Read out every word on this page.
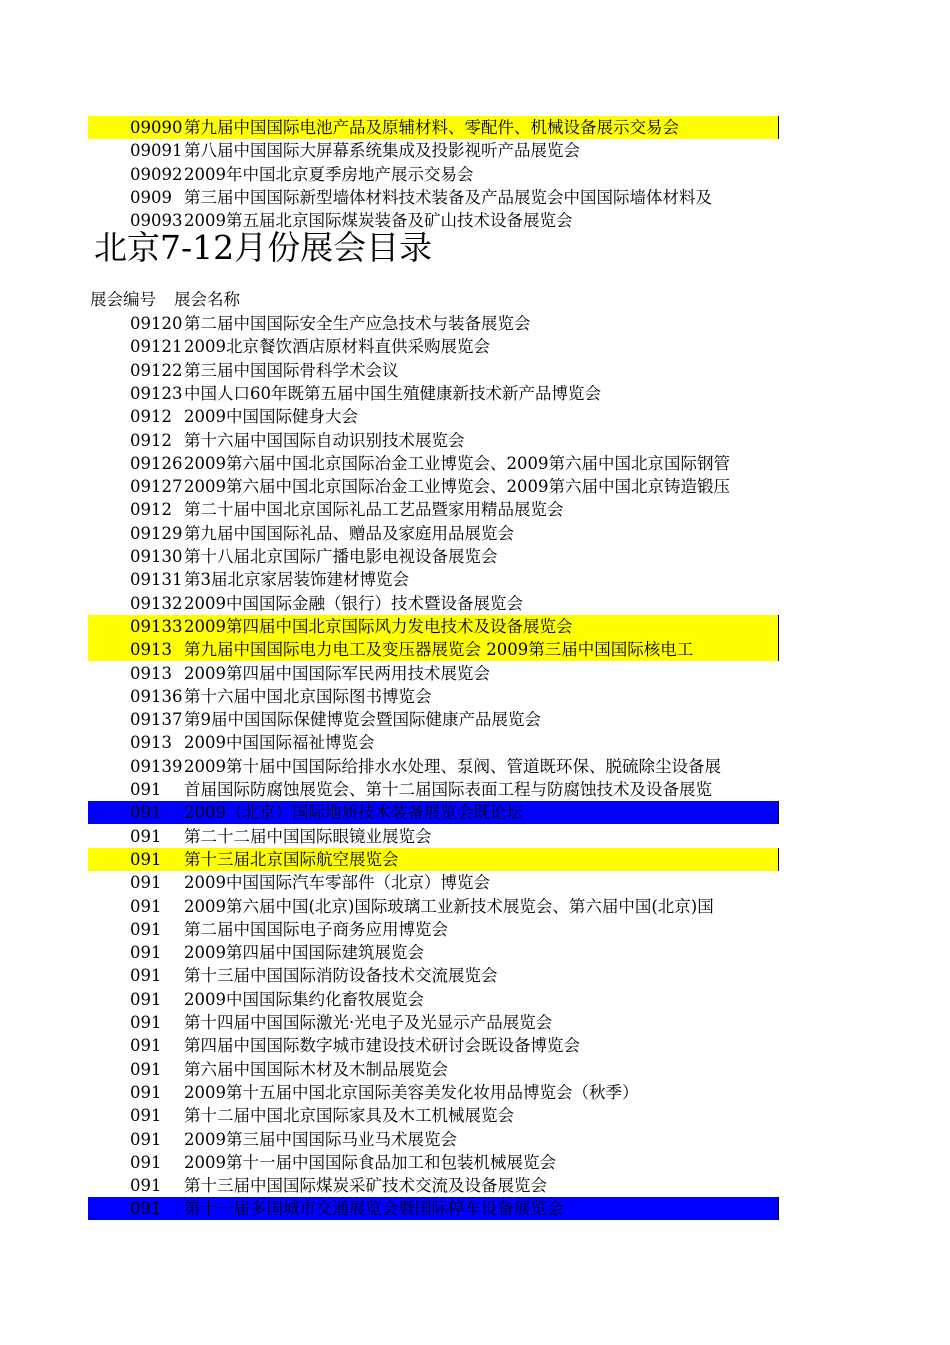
09090 第九届中国国际电池产品及原辅材料、零配件、机械设备展示交易会
09091 第八届中国国际大屏幕系统集成及投影视听产品展览会
09092 2009年中国北京夏季房地产展示交易会
0909 第三届中国国际新型墙体材料技术装备及产品展览会中国国际墙体材料及
09093 2009第五届北京国际煤炭装备及矿山技术设备展览会
北京7-12月份展会目录
展会编号 展会名称
09120 第二届中国国际安全生产应急技术与装备展览会
09121 2009北京餐饮酒店原材料直供采购展览会
09122 第三届中国国际骨科学术会议
09123 中国人口60年既第五届中国生殖健康新技术新产品博览会
0912 2009中国国际健身大会
0912 第十六届中国国际自动识别技术展览会
09126 2009第六届中国北京国际冶金工业博览会、2009第六届中国北京国际钢管
09127 2009第六届中国北京国际冶金工业博览会、2009第六届中国北京铸造锻压
0912 第二十届中国北京国际礼品工艺品暨家用精品展览会
09129 第九届中国国际礼品、赠品及家庭用品展览会
09130 第十八届北京国际广播电影电视设备展览会
09131 第3届北京家居装饰建材博览会
09132 2009中国国际金融（银行）技术暨设备展览会
09133 2009第四届中国北京国际风力发电技术及设备展览会
0913 第九届中国国际电力电工及变压器展览会 2009第三届中国国际核电工
0913 2009第四届中国国际军民两用技术展览会
09136 第十六届中国北京国际图书博览会
09137 第9届中国国际保健博览会暨国际健康产品展览会
0913 2009中国国际福祉博览会
09139 2009第十届中国国际给排水水处理、泵阀、管道既环保、脱硫除尘设备展
091 首届国际防腐蚀展览会、第十二届国际表面工程与防腐蚀技术及设备展览
091 2009（北京）国际地质技术装备展览会既论坛
091 第二十二届中国国际眼镜业展览会
091 第十三届北京国际航空展览会
091 2009中国国际汽车零部件（北京）博览会
091 2009第六届中国(北京)国际玻璃工业新技术展览会、第六届中国(北京)国
091 第二届中国国际电子商务应用博览会
091 2009第四届中国国际建筑展览会
091 第十三届中国国际消防设备技术交流展览会
091 2009中国国际集约化畜牧展览会
091 第十四届中国国际激光·光电子及光显示产品展览会
091 第四届中国国际数字城市建设技术研讨会既设备博览会
091 第六届中国国际木材及木制品展览会
091 2009第十五届中国北京国际美容美发化妆用品博览会（秋季）
091 第十二届中国北京国际家具及木工机械展览会
091 2009第三届中国国际马业马术展览会
091 2009第十一届中国国际食品加工和包装机械展览会
091 第十三届中国国际煤炭采矿技术交流及设备展览会
091 第十一届多国城市交通展览会暨国际停车设备展览会
